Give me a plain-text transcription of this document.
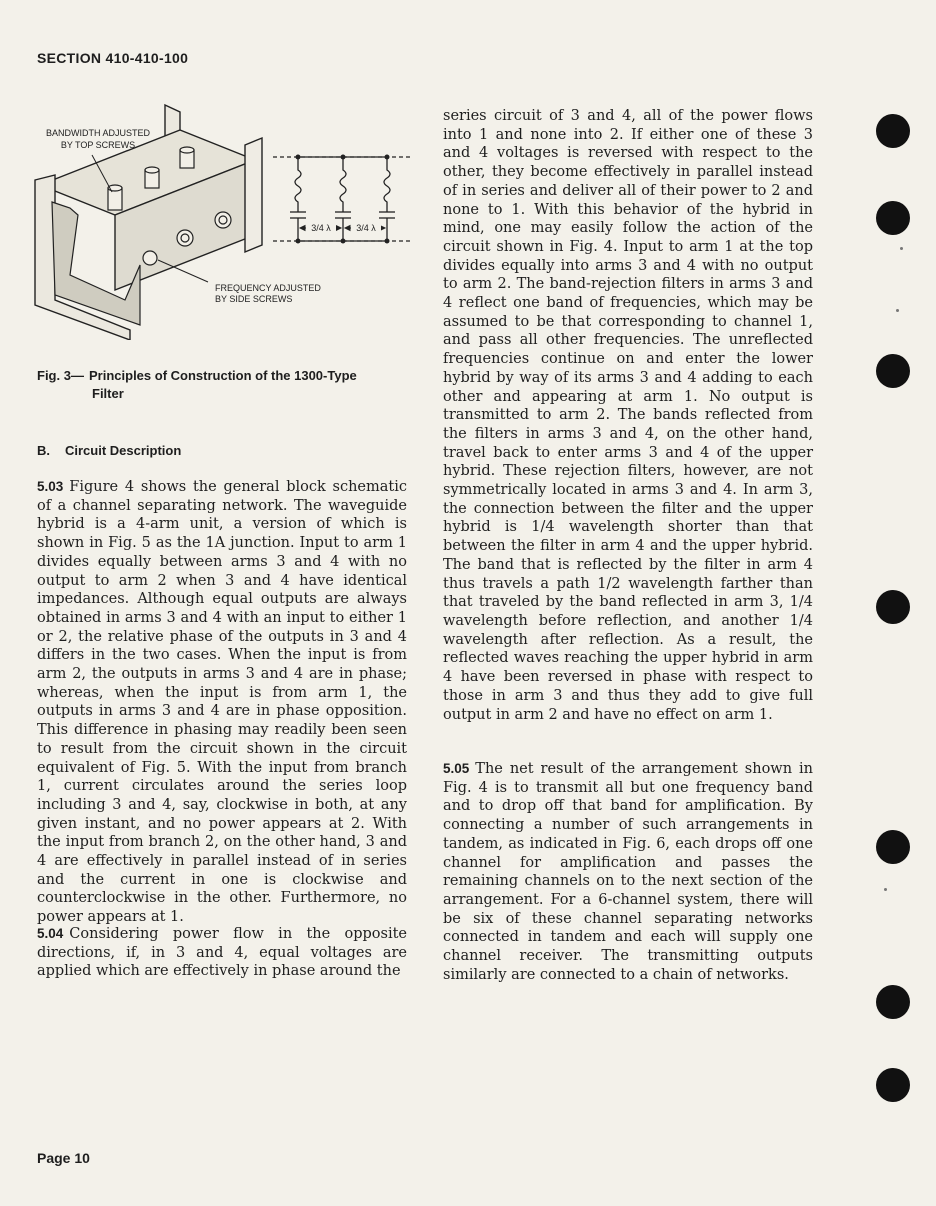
SECTION 410-410-100
BANDWIDTH ADJUSTED
BY TOP SCREWS
FREQUENCY ADJUSTED
BY SIDE SCREWS
3/4 λ	3/4 λ
Fig. 3— Principles of Construction of the 1300-Type
Filter
B. Circuit Description

5.03 Figure 4 shows the general block schematic of a channel separating network. The waveguide hybrid is a 4-arm unit, a version of which is shown in Fig. 5 as the 1A junction. Input to arm 1 divides equally between arms 3 and 4 with no output to arm 2 when 3 and 4 have identical impedances. Although equal outputs are always obtained in arms 3 and 4 with an input to either 1 or 2, the relative phase of the outputs in 3 and 4 differs in the two cases. When the input is from arm 2, the outputs in arms 3 and 4 are in phase; whereas, when the input is from arm 1, the outputs in arms 3 and 4 are in phase opposition. This difference in phasing may readily been seen to result from the circuit shown in the circuit equivalent of Fig. 5. With the input from branch 1, current circulates around the series loop including 3 and 4, say, clockwise in both, at any given instant, and no power appears at 2. With the input from branch 2, on the other hand, 3 and 4 are effectively in parallel instead of in series and the current in one is clockwise and counterclockwise in the other. Furthermore, no power appears at 1.

5.04 Considering power flow in the opposite directions, if, in 3 and 4, equal voltages are applied which are effectively in phase around the

series circuit of 3 and 4, all of the power flows into 1 and none into 2. If either one of these 3 and 4 voltages is reversed with respect to the other, they become effectively in parallel instead of in series and deliver all of their power to 2 and none to 1. With this behavior of the hybrid in mind, one may easily follow the action of the circuit shown in Fig. 4. Input to arm 1 at the top divides equally into arms 3 and 4 with no output to arm 2. The band-rejection filters in arms 3 and 4 reflect one band of frequencies, which may be assumed to be that corresponding to channel 1, and pass all other frequencies. The unreflected frequencies continue on and enter the lower hybrid by way of its arms 3 and 4 adding to each other and appearing at arm 1. No output is transmitted to arm 2. The bands reflected from the filters in arms 3 and 4, on the other hand, travel back to enter arms 3 and 4 of the upper hybrid. These rejection filters, however, are not symmetrically located in arms 3 and 4. In arm 3, the connection between the filter and the upper hybrid is 1/4 wavelength shorter than that between the filter in arm 4 and the upper hybrid. The band that is reflected by the filter in arm 4 thus travels a path 1/2 wavelength farther than that traveled by the band reflected in arm 3, 1/4 wavelength before reflection, and another 1/4 wavelength after reflection. As a result, the reflected waves reaching the upper hybrid in arm 4 have been reversed in phase with respect to those in arm 3 and thus they add to give full output in arm 2 and have no effect on arm 1.

5.05 The net result of the arrangement shown in Fig. 4 is to transmit all but one frequency band and to drop off that band for amplification. By connecting a number of such arrangements in tandem, as indicated in Fig. 6, each drops off one channel for amplification and passes the remaining channels on to the next section of the arrangement. For a 6-channel system, there will be six of these channel separating networks connected in tandem and each will supply one channel receiver. The transmitting outputs similarly are connected to a chain of networks.

Page 10
